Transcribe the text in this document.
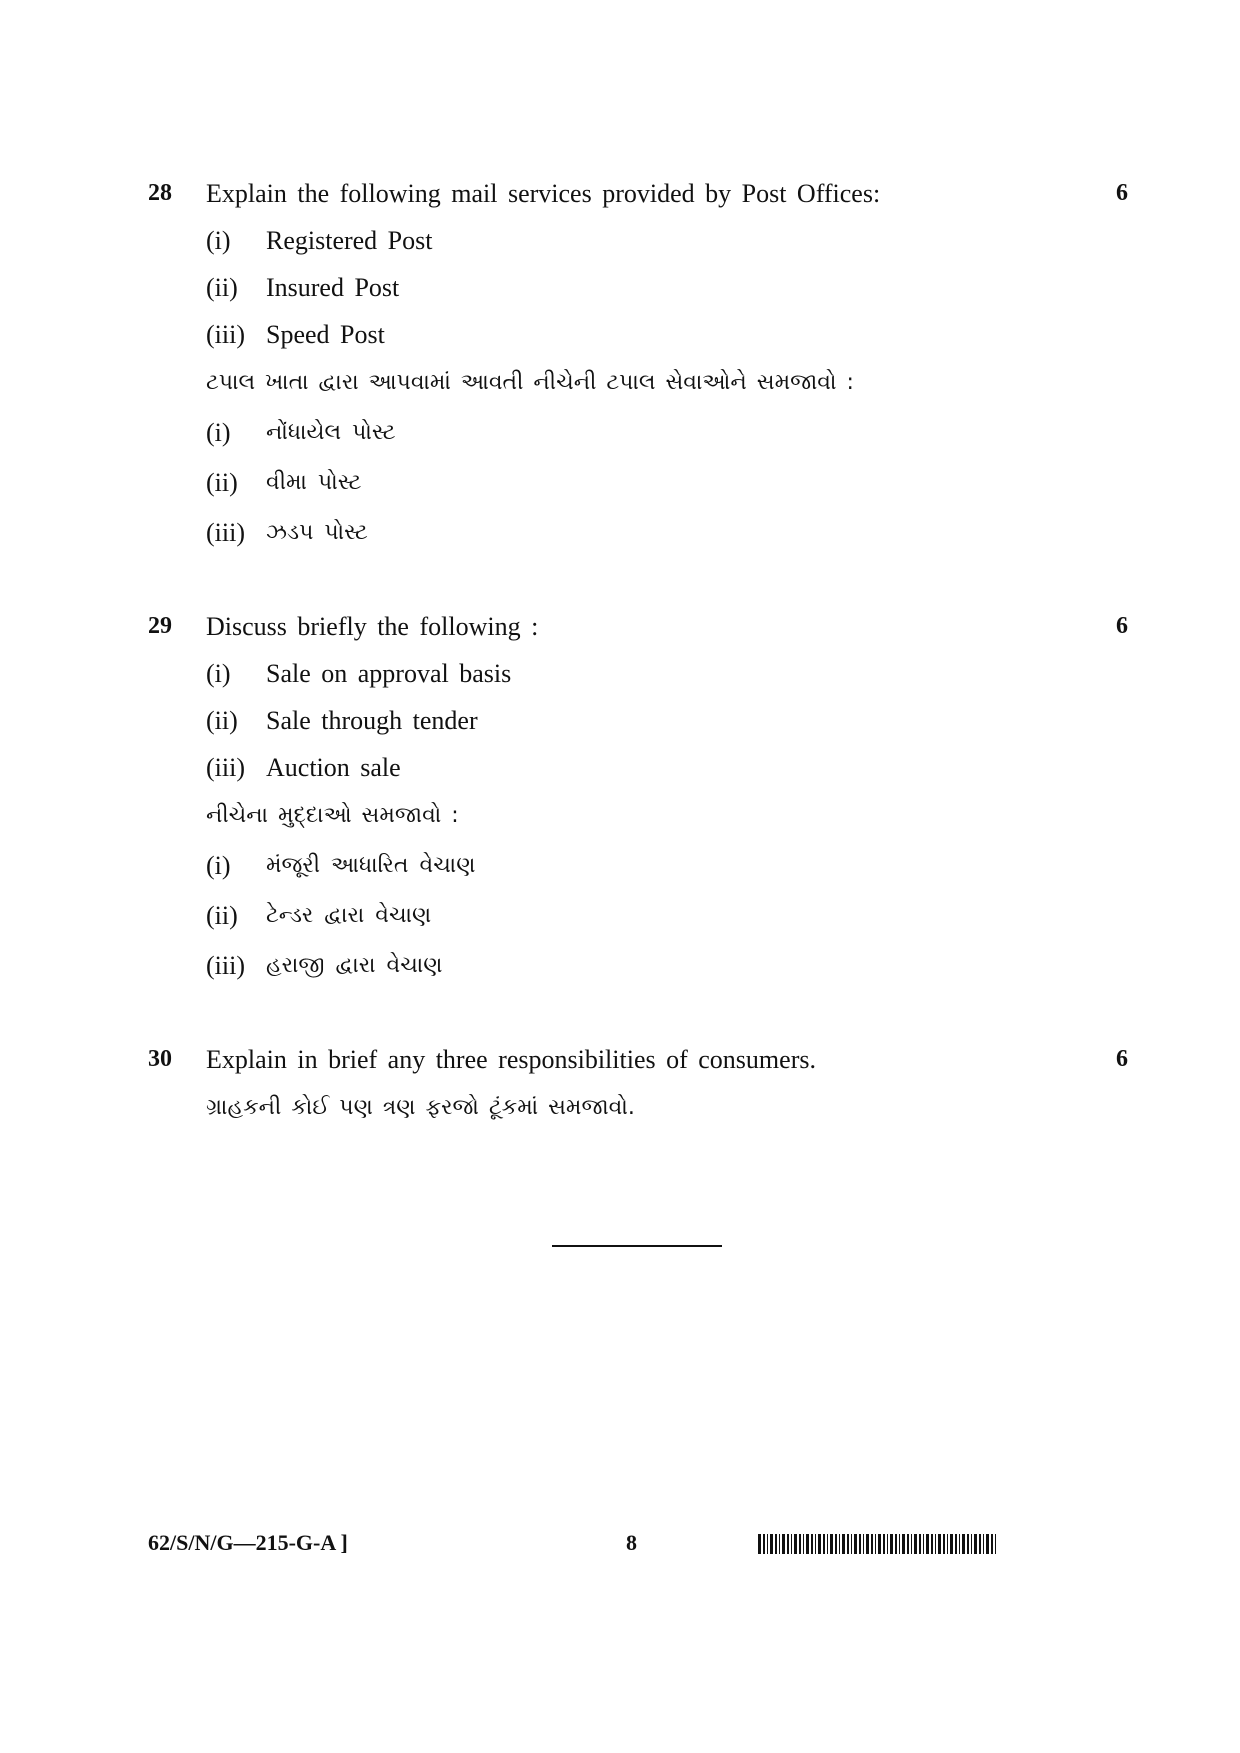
28 Explain the following mail services provided by Post Offices:	6
(i) Registered Post
(ii) Insured Post
(iii) Speed Post
ટપાલ ખાતા દ્વારા આપવામાં આવતી નીચેની ટપાલ સેવાઓને સમજાવો :
(i) નોંધાયેલ પોસ્ટ
(ii) વીમા પોસ્ટ
(iii) ઝડપ પોસ્ટ
29 Discuss briefly the following :	6
(i) Sale on approval basis
(ii) Sale through tender
(iii) Auction sale
નીચેના મુદ્દાઓ સમજાવો :
(i) મંજૂરી આધારિત વેચાણ
(ii) ટેન્ડર દ્વારા વેચાણ
(iii) હરાજી દ્વારા વેચાણ
30 Explain in brief any three responsibilities of consumers.	6
ગ્રાહકની કોઈ પણ ત્રણ ફરજો ટૂંકમાં સમજાવો.
62/S/N/G—215-G-A ]	8
